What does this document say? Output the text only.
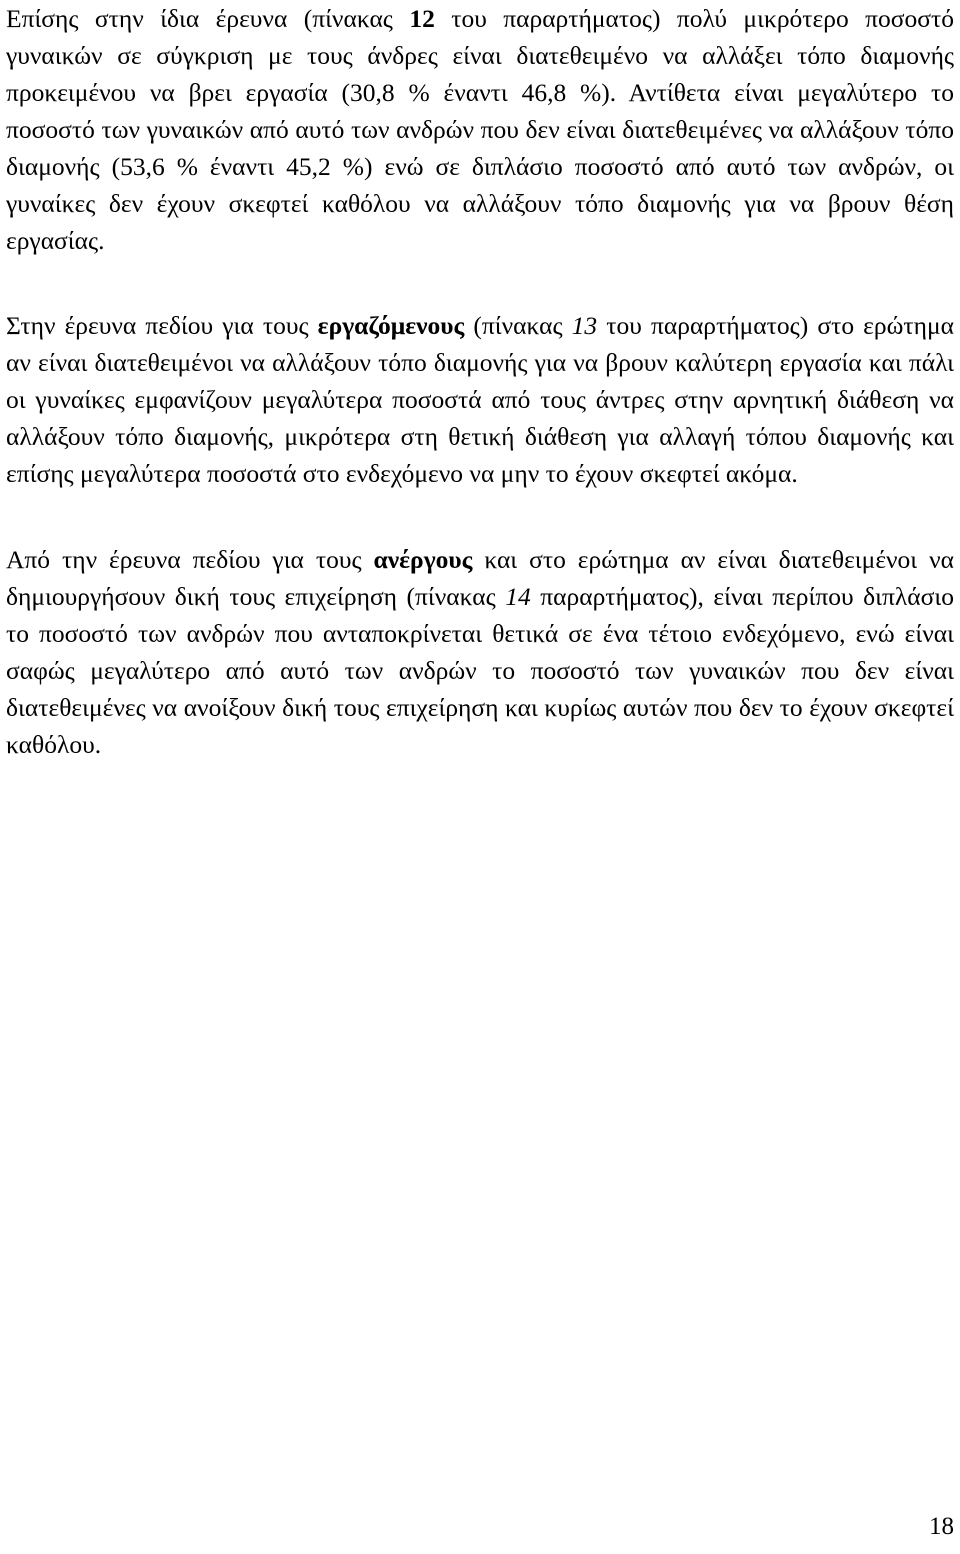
Επίσης στην ίδια έρευνα (πίνακας 12 του παραρτήματος) πολύ μικρότερο ποσοστό γυναικών σε σύγκριση με τους άνδρες είναι διατεθειμένο να αλλάξει τόπο διαμονής προκειμένου να βρει εργασία (30,8 % έναντι 46,8 %). Αντίθετα είναι μεγαλύτερο το ποσοστό των γυναικών από αυτό των ανδρών που δεν είναι διατεθειμένες να αλλάξουν τόπο διαμονής (53,6 % έναντι 45,2 %) ενώ σε διπλάσιο ποσοστό από αυτό των ανδρών, οι γυναίκες δεν έχουν σκεφτεί καθόλου να αλλάξουν τόπο διαμονής για να βρουν θέση εργασίας.

Στην έρευνα πεδίου για τους εργαζόμενους (πίνακας 13 του παραρτήματος) στο ερώτημα αν είναι διατεθειμένοι να αλλάξουν τόπο διαμονής για να βρουν καλύτερη εργασία και πάλι οι γυναίκες εμφανίζουν μεγαλύτερα ποσοστά από τους άντρες στην αρνητική διάθεση να αλλάξουν τόπο διαμονής, μικρότερα στη θετική διάθεση για αλλαγή τόπου διαμονής και επίσης μεγαλύτερα ποσοστά στο ενδεχόμενο να μην το έχουν σκεφτεί ακόμα.

Από την έρευνα πεδίου για τους ανέργους και στο ερώτημα αν είναι διατεθειμένοι να δημιουργήσουν δική τους επιχείρηση (πίνακας 14 παραρτήματος), είναι περίπου διπλάσιο το ποσοστό των ανδρών που ανταποκρίνεται θετικά σε ένα τέτοιο ενδεχόμενο, ενώ είναι σαφώς μεγαλύτερο από αυτό των ανδρών το ποσοστό των γυναικών που δεν είναι διατεθειμένες να ανοίξουν δική τους επιχείρηση και κυρίως αυτών που δεν το έχουν σκεφτεί καθόλου.

18
